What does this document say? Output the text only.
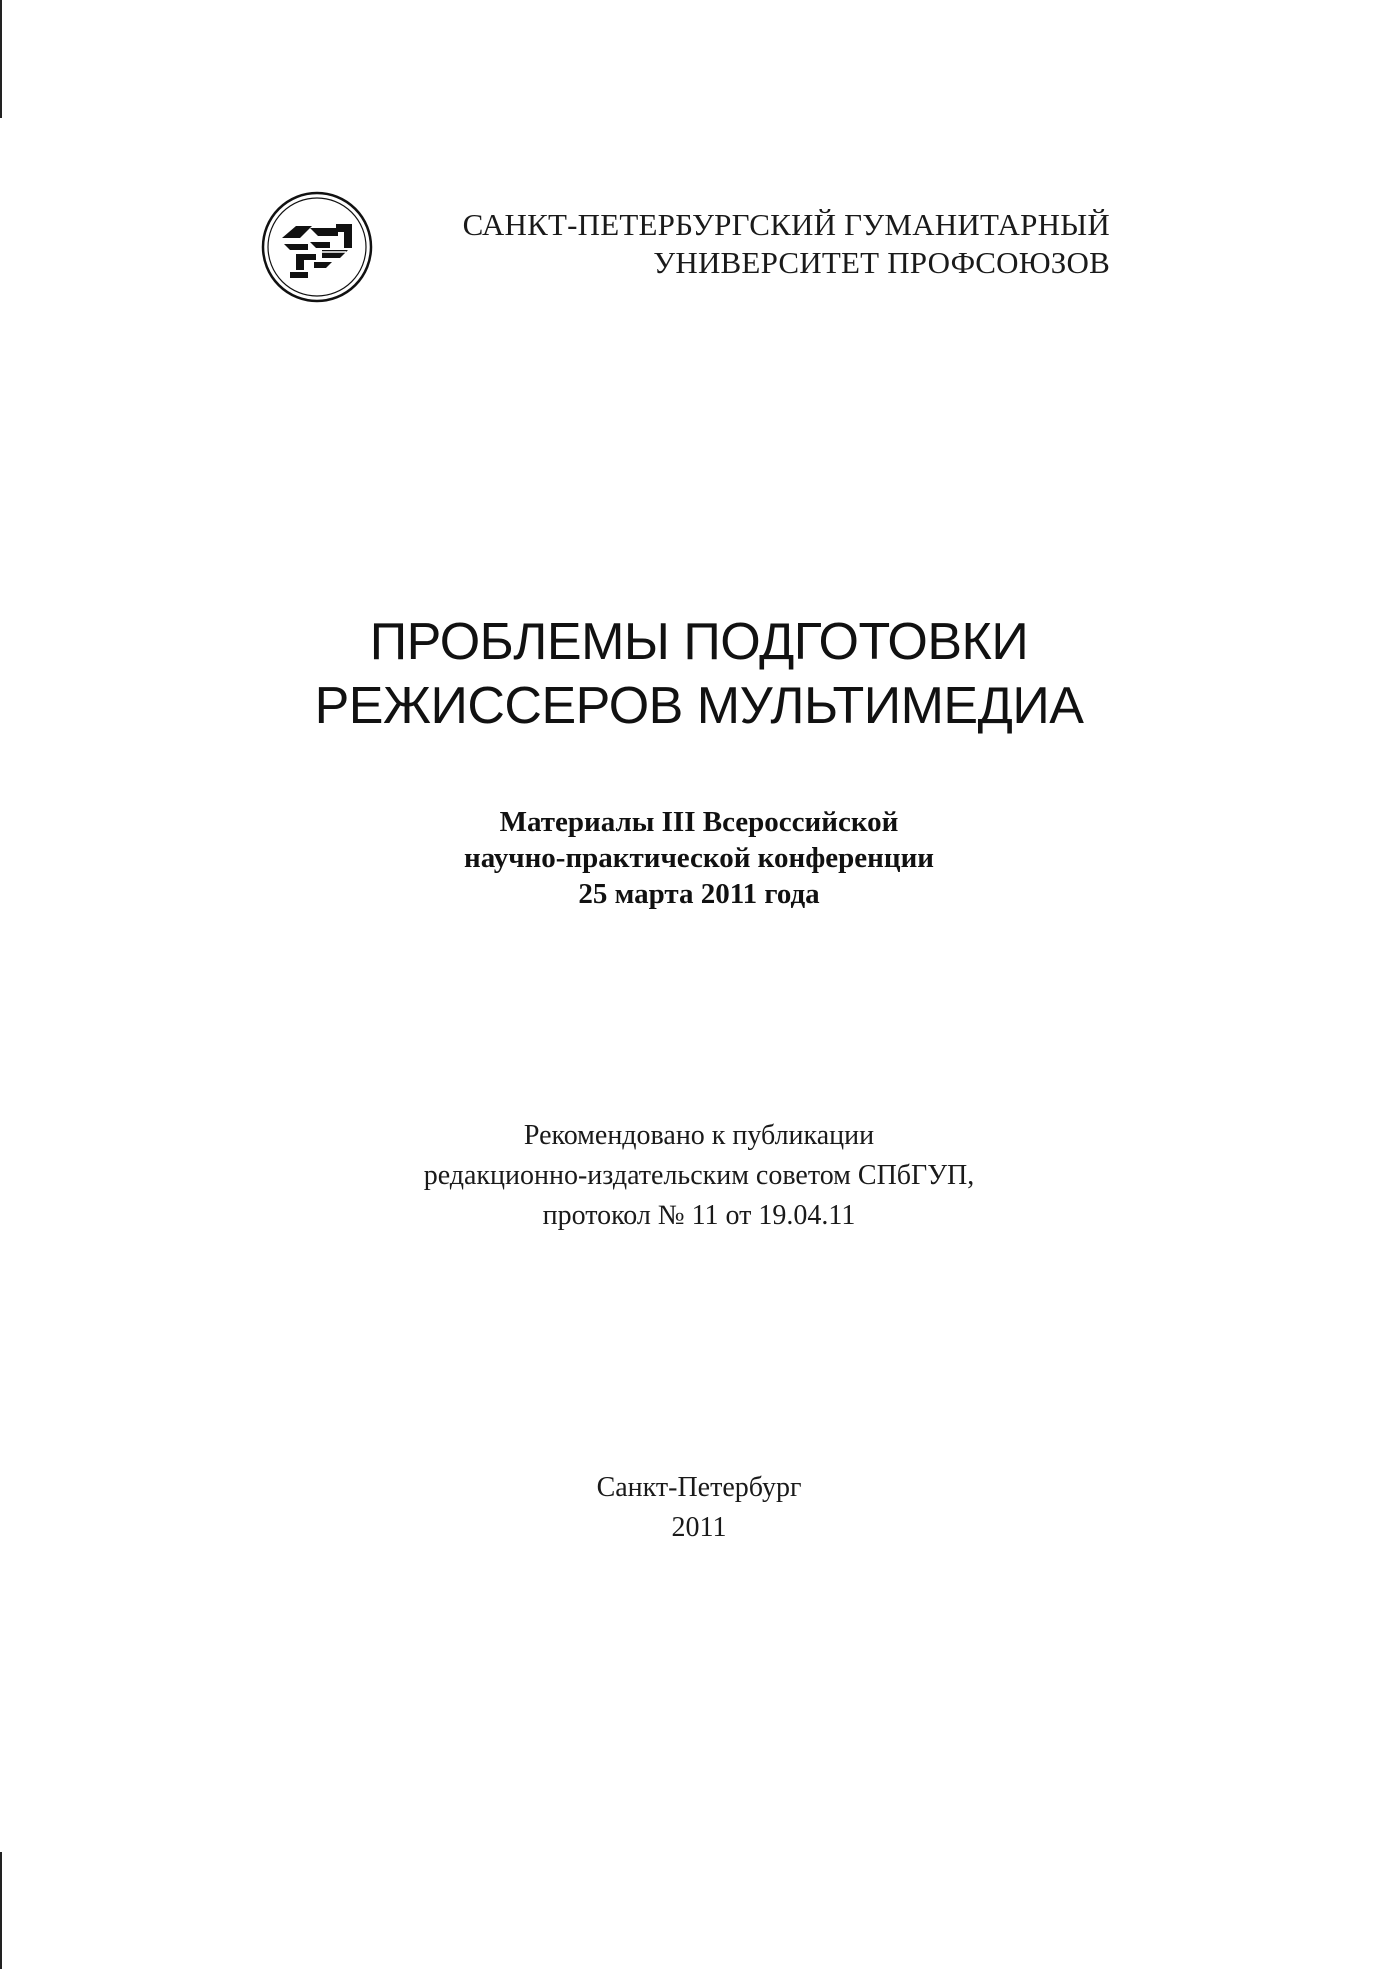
САНКТ-ПЕТЕРБУРГСКИЙ ГУМАНИТАРНЫЙ
УНИВЕРСИТЕТ ПРОФСОЮЗОВ
ПРОБЛЕМЫ ПОДГОТОВКИ
РЕЖИССЕРОВ МУЛЬТИМЕДИА
Материалы III Всероссийской
научно-практической конференции
25 марта 2011 года
Рекомендовано к публикации
редакционно-издательским советом СПбГУП,
протокол № 11 от 19.04.11
Санкт-Петербург
2011
